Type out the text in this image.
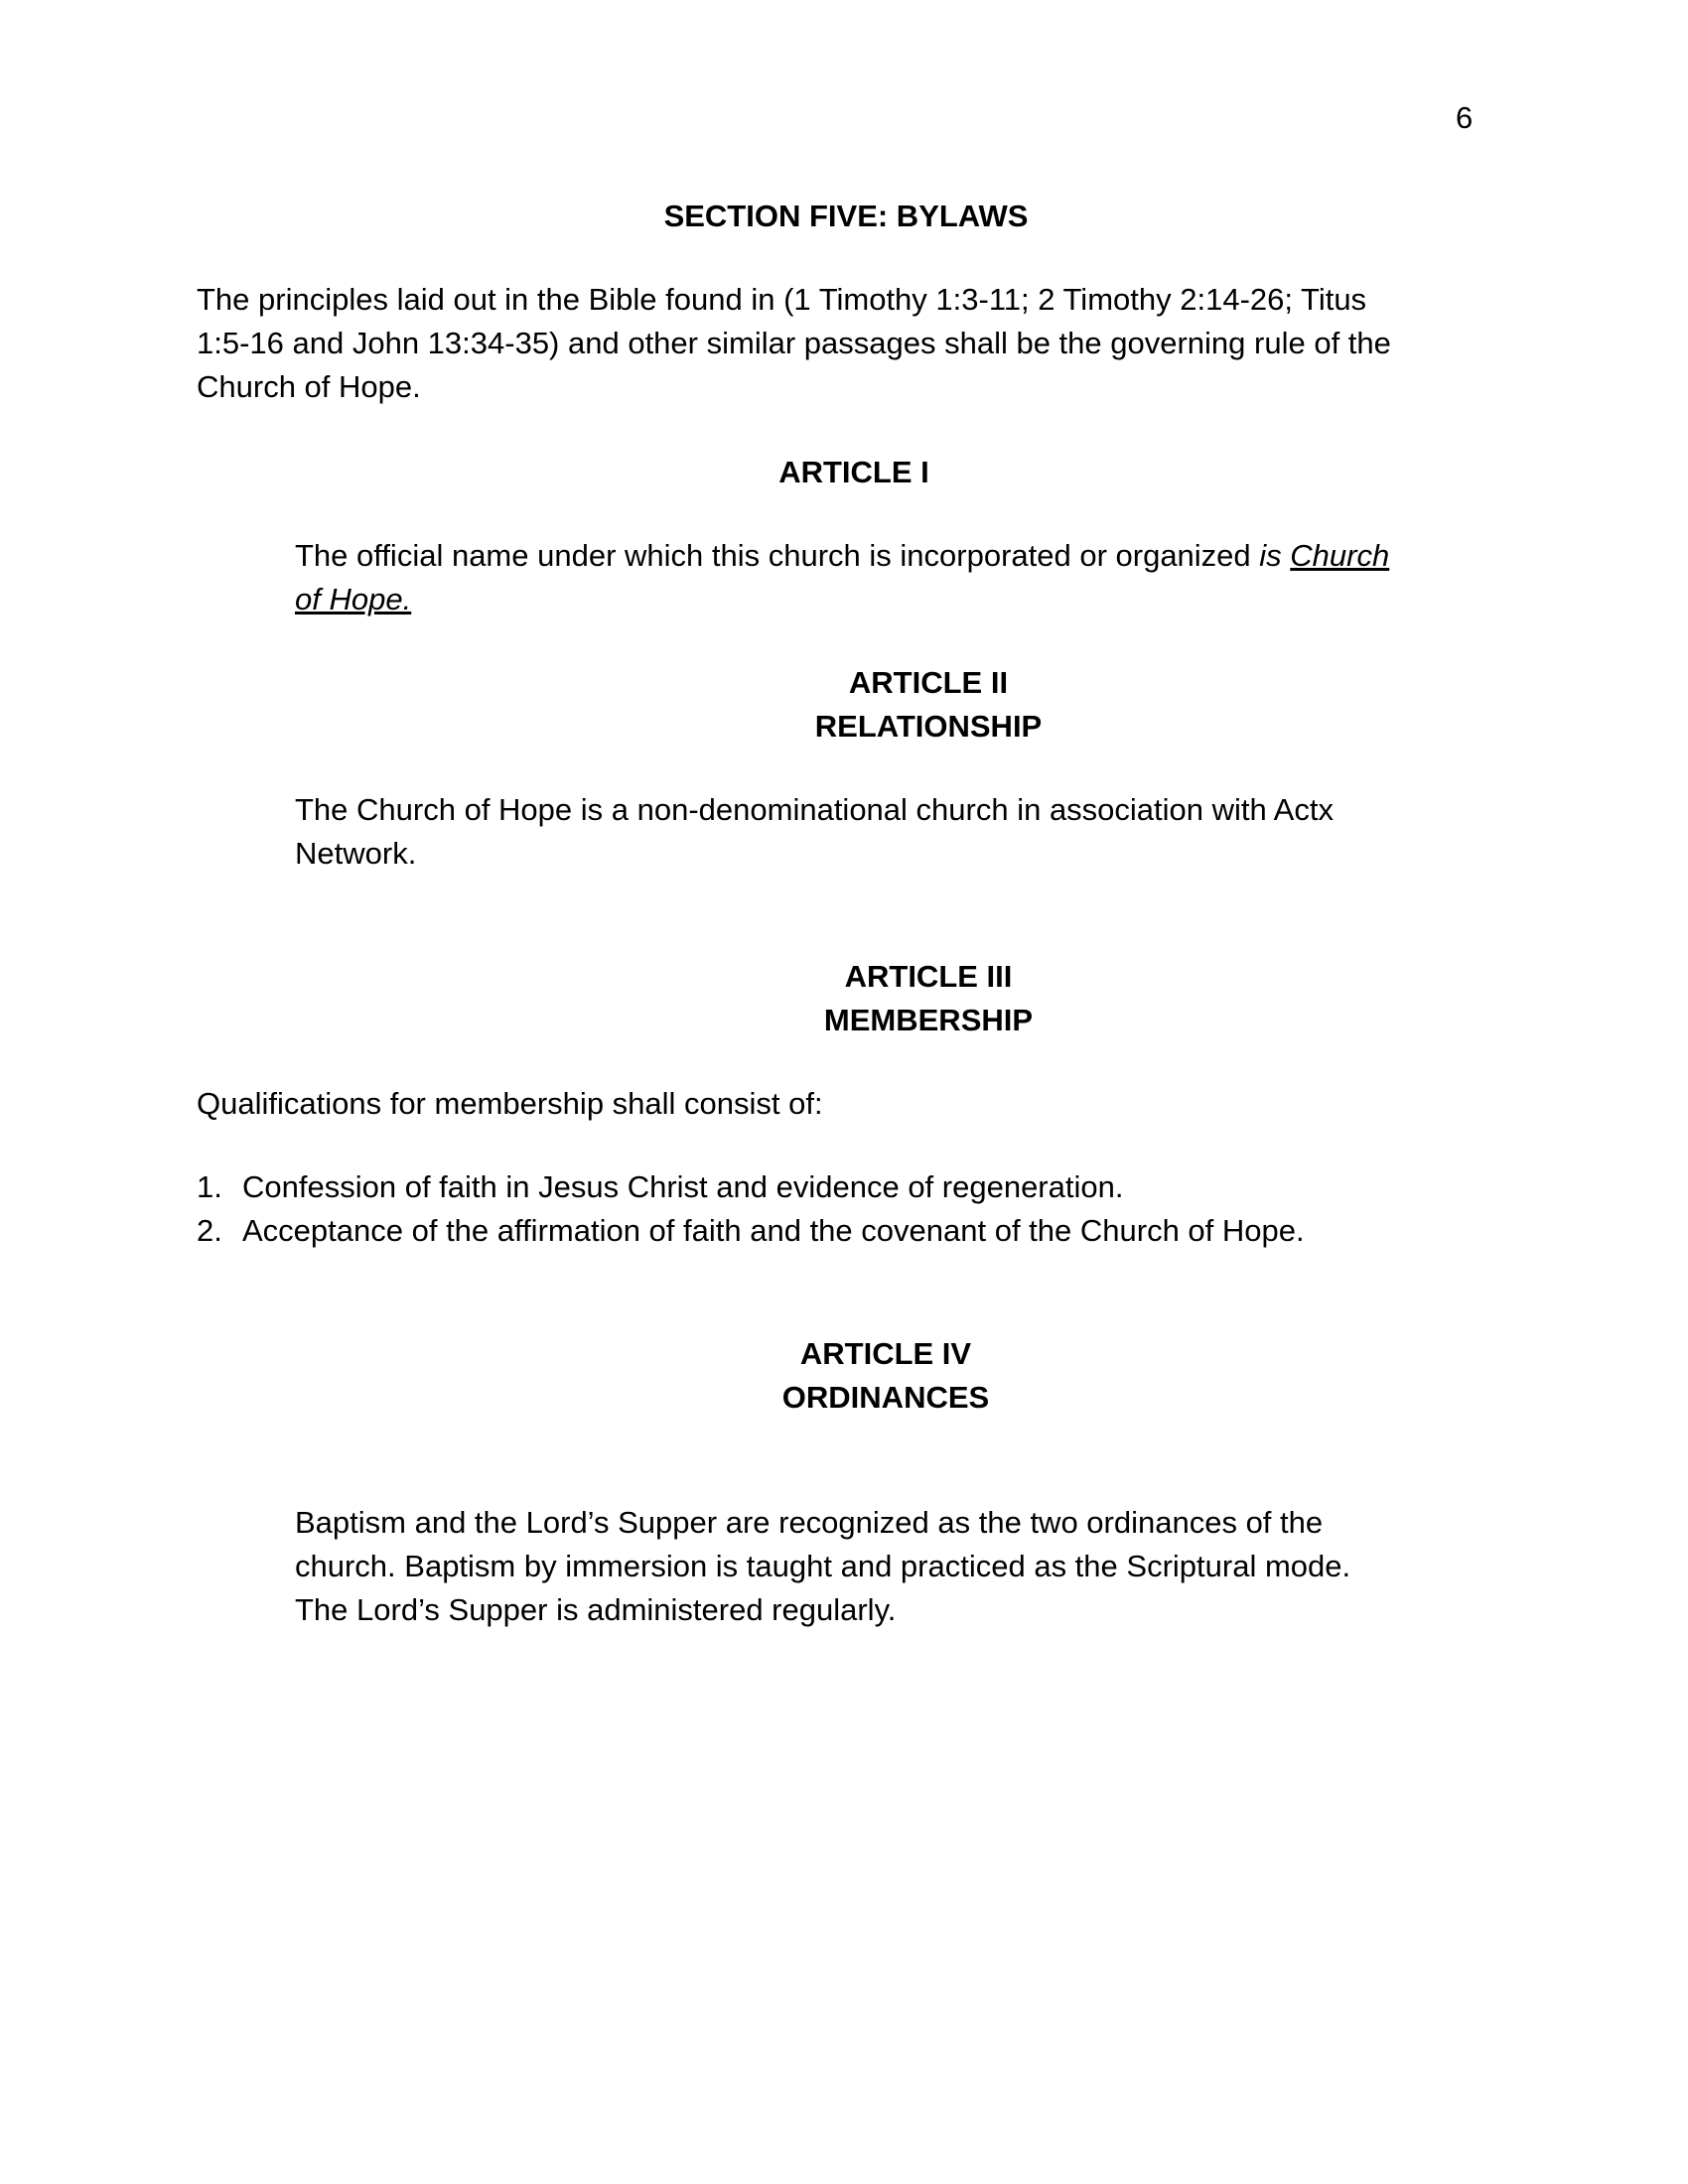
6

SECTION FIVE: BYLAWS

The principles laid out in the Bible found in (1 Timothy 1:3-11; 2 Timothy 2:14-26; Titus

1:5-16 and John 13:34-35) and other similar passages shall be the governing rule of the

Church of Hope.

ARTICLE I

The official name under which this church is incorporated or organized is Church

of Hope.

ARTICLE II

RELATIONSHIP

The Church of Hope is a non-denominational church in association with Actx

Network.

ARTICLE III

MEMBERSHIP

Qualifications for membership shall consist of:

1. Confession of faith in Jesus Christ and evidence of regeneration.
2. Acceptance of the affirmation of faith and the covenant of the Church of Hope.

ARTICLE IV

ORDINANCES

Baptism and the Lord’s Supper are recognized as the two ordinances of the

church. Baptism by immersion is taught and practiced as the Scriptural mode.

The Lord’s Supper is administered regularly.
